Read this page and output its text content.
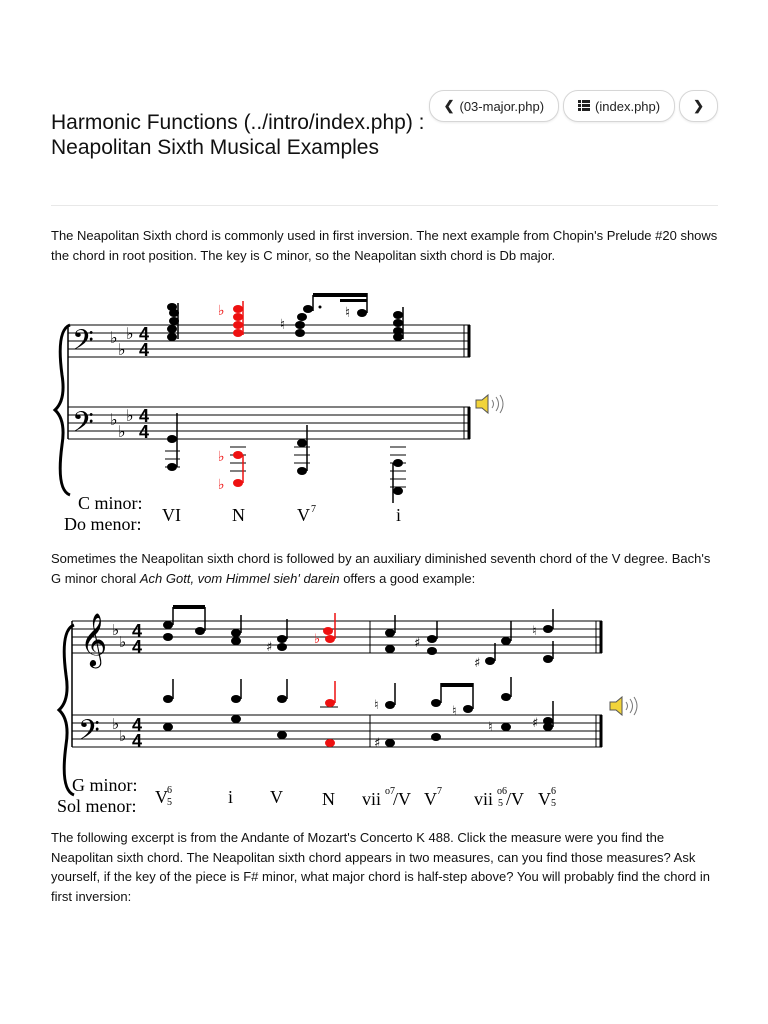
❮ (03-major.php)	(index.php)	❯
Harmonic Functions (../intro/index.php) : Neapolitan Sixth Musical Examples

The Neapolitan Sixth chord is commonly used in first inversion. The next example from Chopin's Prelude #20 shows the chord in root position. The key is C minor, so the Neapolitan sixth chord is Db major.

𝄢
𝄢
♭
♭
♭
♭
♭
♭
4
4
4
4
♭
♮
♮
♭
♭
C minor:
Do menor: VI	N	V 7	i

Sometimes the Neapolitan sixth chord is followed by an auxiliary diminished seventh chord of the V degree. Bach's G minor choral Ach Gott, vom Himmel sieh' darein offers a good example:

𝄞
𝄢
♭
♭
♭
♭
4
4
4
4
♯
♭	♯
♯
♮
♮
♯
♮
♮	♯
G minor:
Sol menor: V 6
5	i V N vii o7
/V V 7 vii o6
5 /V V 6
5

The following excerpt is from the Andante of Mozart's Concerto K 488. Click the measure were you find the Neapolitan sixth chord. The Neapolitan sixth chord appears in two measures, can you find those measures? Ask yourself, if the key of the piece is F# minor, what major chord is half-step above? You will probably find the chord in first inversion:
